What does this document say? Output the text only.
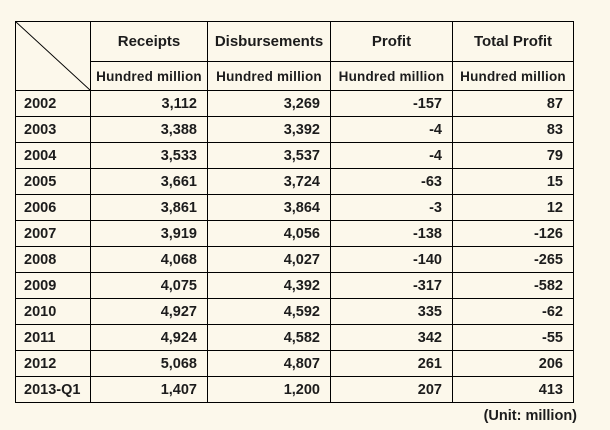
	Receipts	Disbursements	Profit	Total Profit
	Hundred million	Hundred million	Hundred million	Hundred million
2002	3,112	3,269	-157	87
2003	3,388	3,392	-4	83
2004	3,533	3,537	-4	79
2005	3,661	3,724	-63	15
2006	3,861	3,864	-3	12
2007	3,919	4,056	-138	-126
2008	4,068	4,027	-140	-265
2009	4,075	4,392	-317	-582
2010	4,927	4,592	335	-62
2011	4,924	4,582	342	-55
2012	5,068	4,807	261	206
2013-Q1	1,407	1,200	207	413
(Unit: million)
